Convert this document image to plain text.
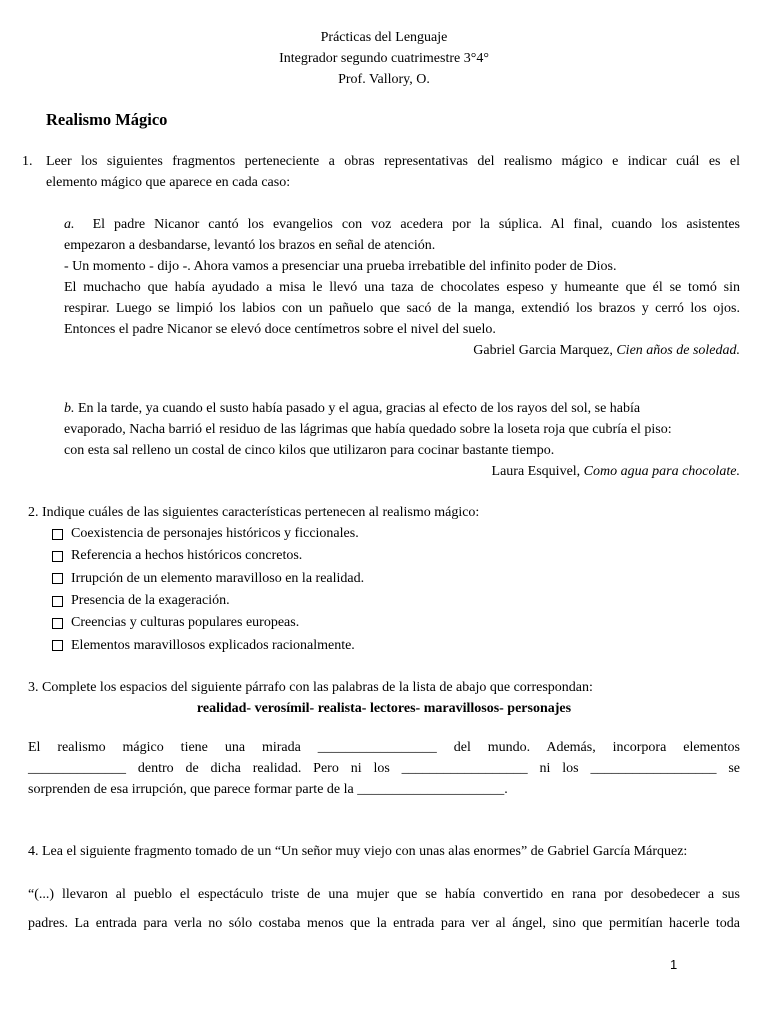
Prácticas del Lenguaje
Integrador segundo cuatrimestre 3°4°
Prof. Vallory, O.
Realismo Mágico
1. Leer los siguientes fragmentos perteneciente a obras representativas del realismo mágico e indicar cuál es el
elemento mágico que aparece en cada caso:
a. El padre Nicanor cantó los evangelios con voz acedera por la súplica. Al final, cuando los asistentes
empezaron a desbandarse, levantó los brazos en señal de atención.
- Un momento - dijo -. Ahora vamos a presenciar una prueba irrebatible del infinito poder de Dios.
El muchacho que había ayudado a misa le llevó una taza de chocolates espeso y humeante que él se tomó sin
respirar. Luego se limpió los labios con un pañuelo que sacó de la manga, extendió los brazos y cerró los ojos.
Entonces el padre Nicanor se elevó doce centímetros sobre el nivel del suelo.
Gabriel Garcia Marquez, Cien años de soledad.
b. En la tarde, ya cuando el susto había pasado y el agua, gracias al efecto de los rayos del sol, se había
evaporado, Nacha barrió el residuo de las lágrimas que había quedado sobre la loseta roja que cubría el piso:
con esta sal relleno un costal de cinco kilos que utilizaron para cocinar bastante tiempo.
Laura Esquivel, Como agua para chocolate.
2. Indique cuáles de las siguientes características pertenecen al realismo mágico:
Coexistencia de personajes históricos y ficcionales.
Referencia a hechos históricos concretos.
Irrupción de un elemento maravilloso en la realidad.
Presencia de la exageración.
Creencias y culturas populares europeas.
Elementos maravillosos explicados racionalmente.
3. Complete los espacios del siguiente párrafo con las palabras de la lista de abajo que correspondan:
realidad- verosímil- realista- lectores- maravillosos- personajes
El realismo mágico tiene una mirada _________________ del mundo. Además, incorpora elementos
______________ dentro de dicha realidad. Pero ni los __________________ ni los __________________ se
sorprenden de esa irrupción, que parece formar parte de la _____________________.
4. Lea el siguiente fragmento tomado de un “Un señor muy viejo con unas alas enormes” de Gabriel García Márquez:
“(...) llevaron al pueblo el espectáculo triste de una mujer que se había convertido en rana por desobedecer a sus
padres. La entrada para verla no sólo costaba menos que la entrada para ver al ángel, sino que permitían hacerle toda
1
